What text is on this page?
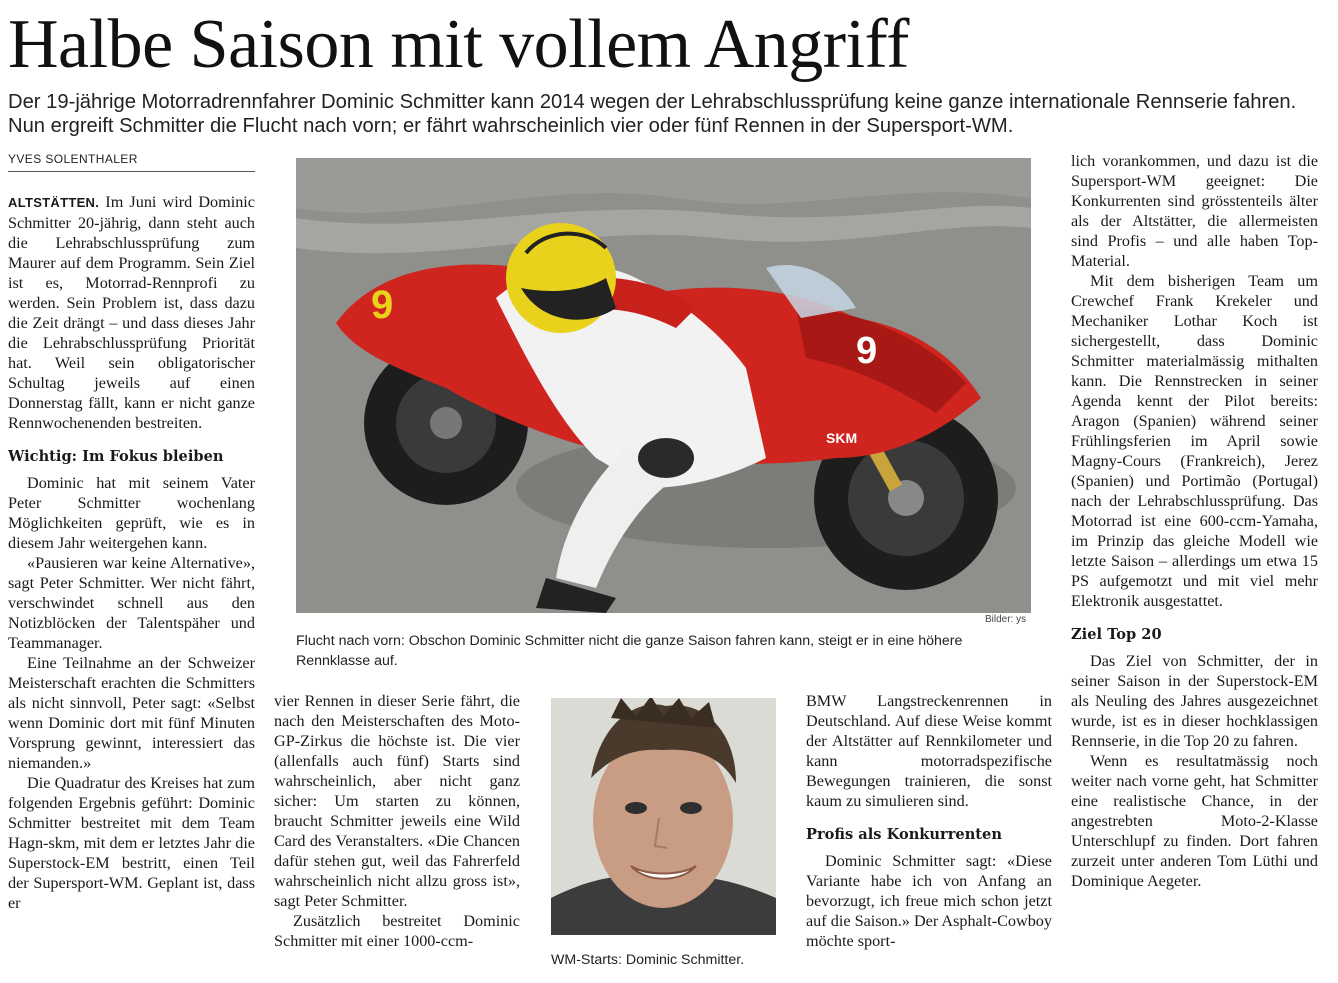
Halbe Saison mit vollem Angriff
Der 19-jährige Motorradrennfahrer Dominic Schmitter kann 2014 wegen der Lehrabschlussprüfung keine ganze internationale Rennserie fahren. Nun ergreift Schmitter die Flucht nach vorn; er fährt wahrscheinlich vier oder fünf Rennen in der Supersport-WM.
YVES SOLENTHALER

ALTSTÄTTEN. Im Juni wird Dominic Schmitter 20-jährig, dann steht auch die Lehrabschlussprüfung zum Maurer auf dem Programm. Sein Ziel ist es, Motorrad-Rennprofi zu werden. Sein Problem ist, dass dazu die Zeit drängt – und dass dieses Jahr die Lehrabschlussprüfung Priorität hat. Weil sein obligatorischer Schultag jeweils auf einen Donnerstag fällt, kann er nicht ganze Rennwochenenden bestreiten.

Wichtig: Im Fokus bleiben

Dominic hat mit seinem Vater Peter Schmitter wochenlang Möglichkeiten geprüft, wie es in diesem Jahr weitergehen kann.

«Pausieren war keine Alternative», sagt Peter Schmitter. Wer nicht fährt, verschwindet schnell aus den Notizblöcken der Talentspäher und Teammanager.

Eine Teilnahme an der Schweizer Meisterschaft erachten die Schmitters als nicht sinnvoll, Peter sagt: «Selbst wenn Dominic dort mit fünf Minuten Vorsprung gewinnt, interessiert das niemanden.»

Die Quadratur des Kreises hat zum folgenden Ergebnis geführt: Dominic Schmitter bestreitet mit dem Team Hagn-skm, mit dem er letztes Jahr die Superstock-EM bestritt, einen Teil der Supersport-WM. Geplant ist, dass er

9
9
SKM
Bilder: ys
Flucht nach vorn: Obschon Dominic Schmitter nicht die ganze Saison fahren kann, steigt er in eine höhere Rennklasse auf.

vier Rennen in dieser Serie fährt, die nach den Meisterschaften des Moto-GP-Zirkus die höchste ist. Die vier (allenfalls auch fünf) Starts sind wahrscheinlich, aber nicht ganz sicher: Um starten zu können, braucht Schmitter jeweils eine Wild Card des Veranstalters. «Die Chancen dafür stehen gut, weil das Fahrerfeld wahrscheinlich nicht allzu gross ist», sagt Peter Schmitter.

Zusätzlich bestreitet Dominic Schmitter mit einer 1000-ccm-

WM-Starts: Dominic Schmitter.

BMW Langstreckenrennen in Deutschland. Auf diese Weise kommt der Altstätter auf Rennkilometer und kann motorradspezifische Bewegungen trainieren, die sonst kaum zu simulieren sind.

Profis als Konkurrenten

Dominic Schmitter sagt: «Diese Variante habe ich von Anfang an bevorzugt, ich freue mich schon jetzt auf die Saison.» Der Asphalt-Cowboy möchte sport-

lich vorankommen, und dazu ist die Supersport-WM geeignet: Die Konkurrenten sind grösstenteils älter als der Altstätter, die allermeisten sind Profis – und alle haben Top-Material.

Mit dem bisherigen Team um Crewchef Frank Krekeler und Mechaniker Lothar Koch ist sichergestellt, dass Dominic Schmitter materialmässig mithalten kann. Die Rennstrecken in seiner Agenda kennt der Pilot bereits: Aragon (Spanien) während seiner Frühlingsferien im April sowie Magny-Cours (Frankreich), Jerez (Spanien) und Portimão (Portugal) nach der Lehrabschlussprüfung. Das Motorrad ist eine 600-ccm-Yamaha, im Prinzip das gleiche Modell wie letzte Saison – allerdings um etwa 15 PS aufgemotzt und mit viel mehr Elektronik ausgestattet.

Ziel Top 20

Das Ziel von Schmitter, der in seiner Saison in der Superstock-EM als Neuling des Jahres ausgezeichnet wurde, ist es in dieser hochklassigen Rennserie, in die Top 20 zu fahren.

Wenn es resultatmässig noch weiter nach vorne geht, hat Schmitter eine realistische Chance, in der angestrebten Moto-2-Klasse Unterschlupf zu finden. Dort fahren zurzeit unter anderen Tom Lüthi und Dominique Aegeter.
